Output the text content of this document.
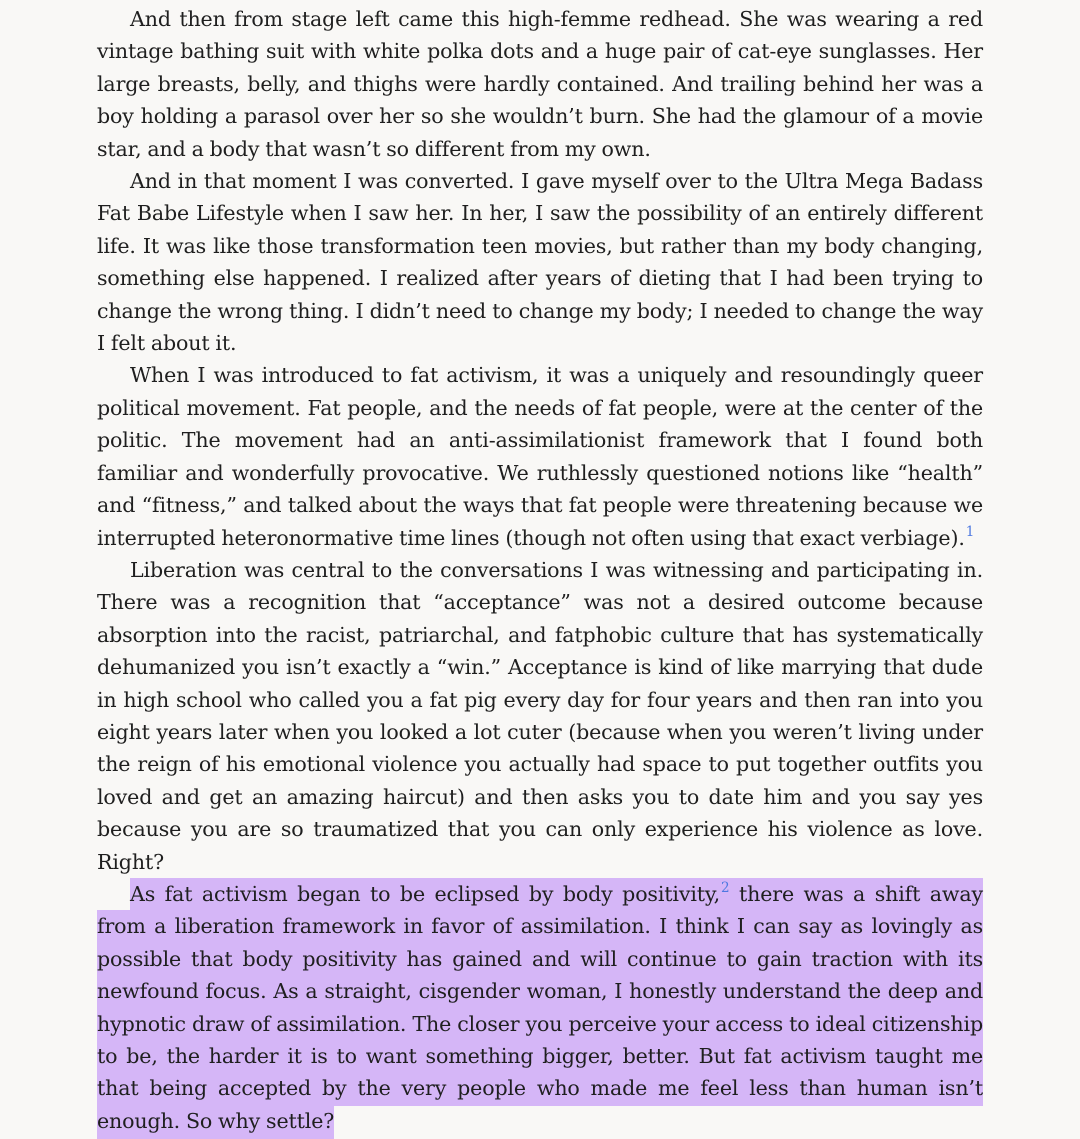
And then from stage left came this high-femme redhead. She was wearing a red vintage bathing suit with white polka dots and a huge pair of cat-eye sunglasses. Her large breasts, belly, and thighs were hardly contained. And trailing behind her was a boy holding a parasol over her so she wouldn’t burn. She had the glamour of a movie star, and a body that wasn’t so different from my own.

And in that moment I was converted. I gave myself over to the Ultra Mega Badass Fat Babe Lifestyle when I saw her. In her, I saw the possibility of an entirely different life. It was like those transformation teen movies, but rather than my body changing, something else happened. I realized after years of dieting that I had been trying to change the wrong thing. I didn’t need to change my body; I needed to change the way I felt about it.

When I was introduced to fat activism, it was a uniquely and resoundingly queer political movement. Fat people, and the needs of fat people, were at the center of the politic. The movement had an anti-assimilationist framework that I found both familiar and wonderfully provocative. We ruthlessly questioned notions like “health” and “fitness,” and talked about the ways that fat people were threatening because we interrupted heteronormative time lines (though not often using that exact verbiage).$^1$

Liberation was central to the conversations I was witnessing and participating in. There was a recognition that “acceptance” was not a desired outcome because absorption into the racist, patriarchal, and fatphobic culture that has systematically dehumanized you isn’t exactly a “win.” Acceptance is kind of like marrying that dude in high school who called you a fat pig every day for four years and then ran into you eight years later when you looked a lot cuter (because when you weren’t living under the reign of his emotional violence you actually had space to put together outfits you loved and get an amazing haircut) and then asks you to date him and you say yes because you are so traumatized that you can only experience his violence as love. Right?

As fat activism began to be eclipsed by body positivity,$^2$ there was a shift away from a liberation framework in favor of assimilation. I think I can say as lovingly as possible that body positivity has gained and will continue to gain traction with its newfound focus. As a straight, cisgender woman, I honestly understand the deep and hypnotic draw of assimilation. The closer you perceive your access to ideal citizenship to be, the harder it is to want something bigger, better. But fat activism taught me that being accepted by the very people who made me feel less than human isn’t enough. So why settle?
